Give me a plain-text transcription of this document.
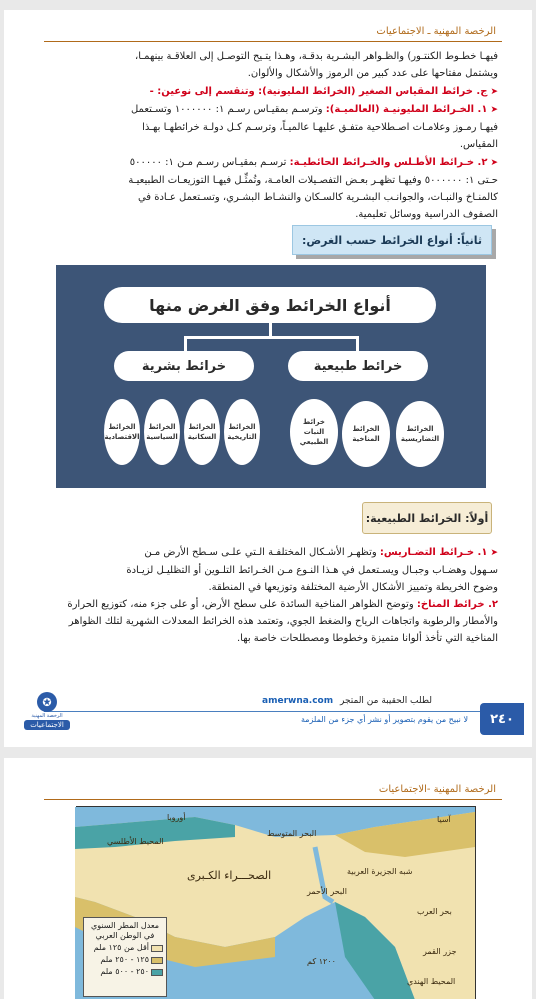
الرخصة المهنية ـ الاجتماعيات
فيهـا خطـوط الكنتـور) والظـواهر البشـرية بدقـة، وهـذا يتـيح التوصـل إلى العلاقـة بينهمـا،
ويشتمل مفتاحها على عدد كبير من الرموز والأشكال والألوان.
➤ج. خرائط المقياس الصغير (الخرائط المليونية): وتنقسم إلى نوعين: -
➤١. الخـرائط المليونيـة (العالميـة): وترسـم بمقيـاس رسـم ١: ١٠٠٠٠٠٠ وتسـتعمل
فيهـا رمـوز وعلامـات اصـطلاحية متفـق عليهـا عالميـاً، وترسـم كـل دولـة خرائطهـا بهـذا
المقياس.
➤٢. خـرائط الأطـلس والخـرائط الحائطيـة: ترسـم بمقيـاس رسـم مـن ١: ٥٠٠٠٠٠
حـتى ١: ٥٠٠٠٠٠٠ وفيهـا تظهـر بعـض التفصـيلات العامـة، وتُمثِّـل فيهـا التوزيعـات الطبيعيـة
كالمنـاخ والنبـات، والجوانـب البشـرية كالسـكان والنشـاط البشـري، وتسـتعمل عـادة في
الصفوف الدراسية ووسائل تعليمية.
ثانياً: أنواع الخرائط حسب الغرض:
أنواع الخرائط وفق الغرض منها
خرائط طبيعية
خرائط بشرية
الخرائط التضاريسية
الخرائط المناخية
خرائط النبات الطبيعي
الخرائط التاريخية
الخرائط السكانية
الخرائط السياسية
الخرائط الاقتصادية
أولاً: الخرائط الطبيعية:
➤١. خـرائط التضـاريس: وتظهـر الأشـكال المختلفـة الـتي علـى سـطح الأرض مـن
سـهول وهضـاب وجبـال ويسـتعمل في هـذا النـوع مـن الخـرائط التلـوين أو التظليـل لزيـادة
وضوح الخريطة وتمييز الأشكال الأرضية المختلفة وتوزيعها في المنطقة.
٢. خرائط المناخ: وتوضح الظواهر المناخية السائدة على سطح الأرض، أو على جزء منه، كتوزيع الحرارة
والأمطار والرطوبة واتجاهات الرياح والضغط الجوي، وتعتمد هذه الخرائط المعدلات الشهرية لتلك الظواهر
المناخية التي تأخذ ألوانا متميزة وخطوطا ومصطلحات خاصة بها.
لطلب الحقيبة من المتجر amerwna.com
لا نبيح من يقوم بتصوير أو نشر أي جزء من الملزمة	٢٤٠
✪
الرخصة المهنية
الاجتماعيات
الرخصة المهنية -الاجتماعيات
أوروبا
البحر المتوسط
المحيط الأطلسي
الصحـــراء الكـبرى	شبه الجزيرة العربية
البحر الأحمر
بحر العرب
آسيا
المحيط الهندي
جزر القمر
١٢٠٠ كم
معدل المطر السنوي في الوطن العربي
أقل من ١٢٥ ملم
١٢٥ - ٢٥٠ ملم
٢٥٠ - ٥٠٠ ملم
